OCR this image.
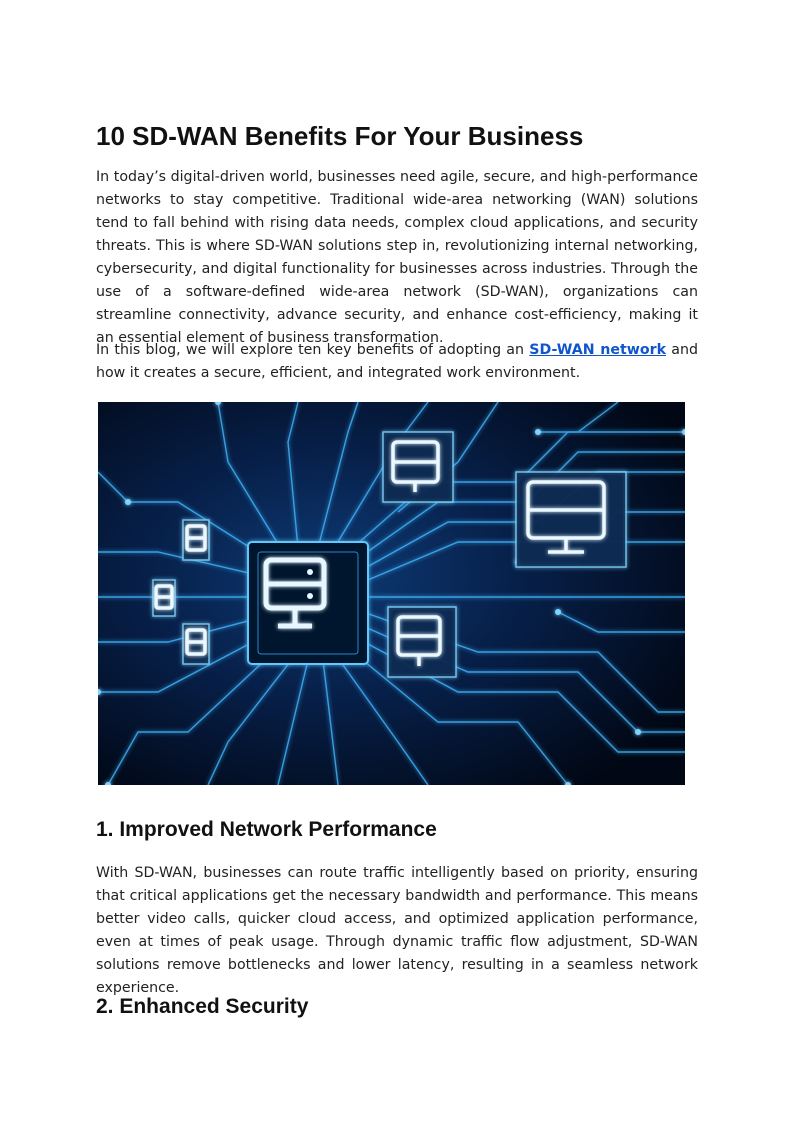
10 SD-WAN Benefits For Your Business

In today’s digital-driven world, businesses need agile, secure, and high-performance networks to stay competitive. Traditional wide-area networking (WAN) solutions tend to fall behind with rising data needs, complex cloud applications, and security threats. This is where SD-WAN solutions step in, revolutionizing internal networking, cybersecurity, and digital functionality for businesses across industries. Through the use of a software-defined wide-area network (SD-WAN), organizations can streamline connectivity, advance security, and enhance cost-efficiency, making it an essential element of business transformation.

In this blog, we will explore ten key benefits of adopting an SD-WAN network and how it creates a secure, efficient, and integrated work environment.

1. Improved Network Performance

With SD-WAN, businesses can route traffic intelligently based on priority, ensuring that critical applications get the necessary bandwidth and performance. This means better video calls, quicker cloud access, and optimized application performance, even at times of peak usage. Through dynamic traffic flow adjustment, SD-WAN solutions remove bottlenecks and lower latency, resulting in a seamless network experience.

2. Enhanced Security
